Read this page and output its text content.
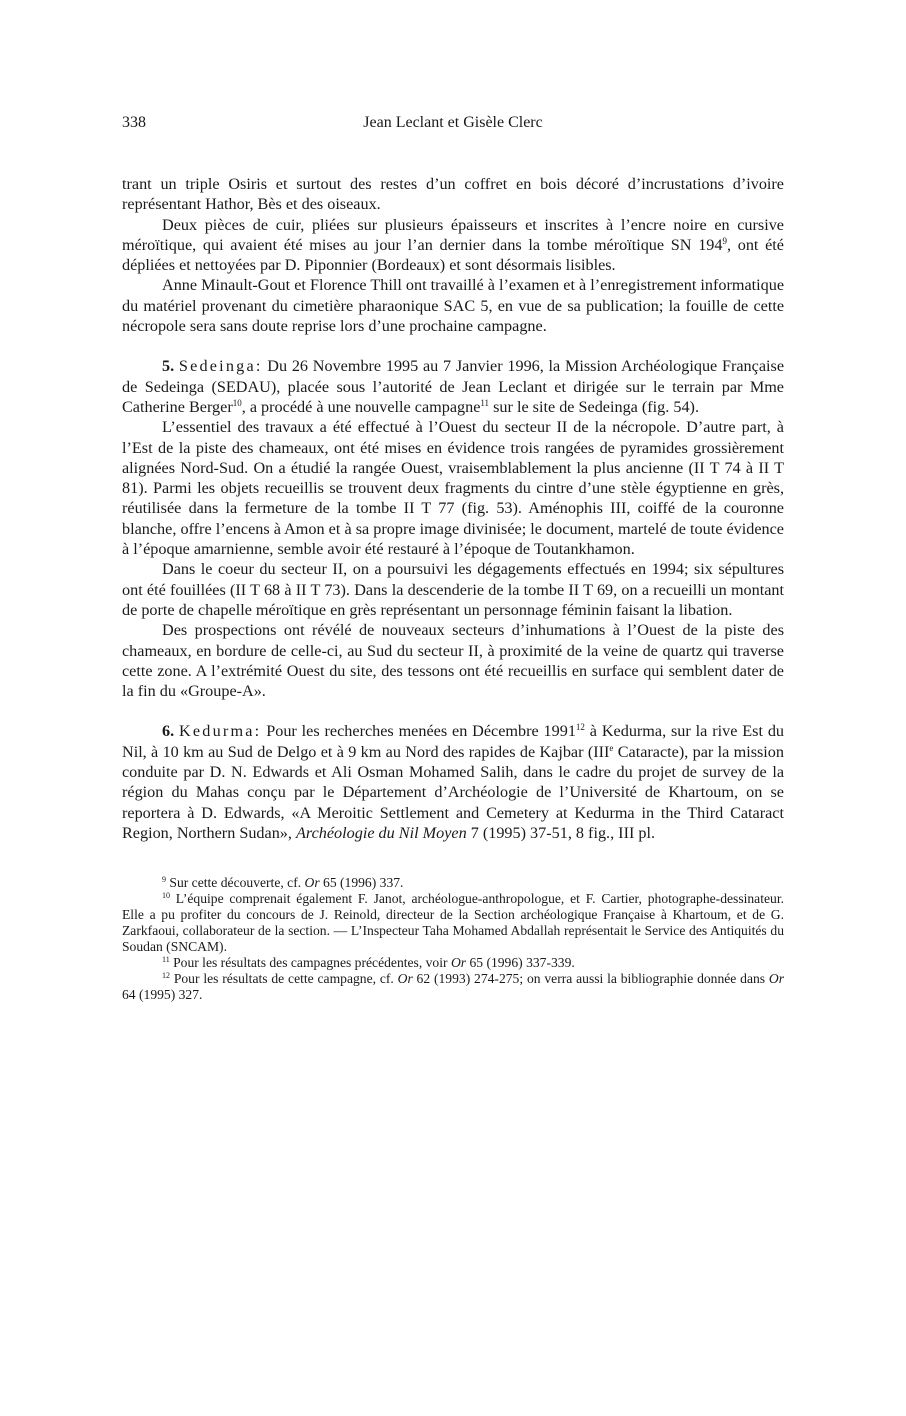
338	Jean Leclant et Gisèle Clerc

trant un triple Osiris et surtout des restes d’un coffret en bois décoré d’incrustations d’ivoire représentant Hathor, Bès et des oiseaux.

Deux pièces de cuir, pliées sur plusieurs épaisseurs et inscrites à l’encre noire en cursive méroïtique, qui avaient été mises au jour l’an dernier dans la tombe méroïtique SN $194^9$, ont été dépliées et nettoyées par D. Piponnier (Bordeaux) et sont désormais lisibles.

Anne Minault-Gout et Florence Thill ont travaillé à l’examen et à l’enregistrement informatique du matériel provenant du cimetière pharaonique SAC 5, en vue de sa publication; la fouille de cette nécropole sera sans doute reprise lors d’une prochaine campagne.

5. Sedeinga: Du 26 Novembre 1995 au 7 Janvier 1996, la Mission Archéologique Française de Sedeinga (SEDAU), placée sous l’autorité de Jean Leclant et dirigée sur le terrain par Mme Catherine Berger$^{10}$, a procédé à une nouvelle campagne$^{11}$ sur le site de Sedeinga (fig. 54).

L’essentiel des travaux a été effectué à l’Ouest du secteur II de la nécropole. D’autre part, à l’Est de la piste des chameaux, ont été mises en évidence trois rangées de pyramides grossièrement alignées Nord-Sud. On a étudié la rangée Ouest, vraisemblablement la plus ancienne (II T 74 à II T 81). Parmi les objets recueillis se trouvent deux fragments du cintre d’une stèle égyptienne en grès, réutilisée dans la fermeture de la tombe II T 77 (fig. 53). Aménophis III, coiffé de la couronne blanche, offre l’encens à Amon et à sa propre image divinisée; le document, martelé de toute évidence à l’époque amarnienne, semble avoir été restauré à l’époque de Toutankhamon.

Dans le coeur du secteur II, on a poursuivi les dégagements effectués en 1994; six sépultures ont été fouillées (II T 68 à II T 73). Dans la descenderie de la tombe II T 69, on a recueilli un montant de porte de chapelle méroïtique en grès représentant un personnage féminin faisant la libation.

Des prospections ont révélé de nouveaux secteurs d’inhumations à l’Ouest de la piste des chameaux, en bordure de celle-ci, au Sud du secteur II, à proximité de la veine de quartz qui traverse cette zone. A l’extrémité Ouest du site, des tessons ont été recueillis en surface qui semblent dater de la fin du «Groupe-A».

6. Kedurma: Pour les recherches menées en Décembre 1991$^{12}$ à Kedurma, sur la rive Est du Nil, à 10 km au Sud de Delgo et à 9 km au Nord des rapides de Kajbar (IIIe Cataracte), par la mission conduite par D. N. Edwards et Ali Osman Mohamed Salih, dans le cadre du projet de survey de la région du Mahas conçu par le Département d’Archéologie de l’Université de Khartoum, on se reportera à D. Edwards, «A Meroitic Settlement and Cemetery at Kedurma in the Third Cataract Region, Northern Sudan», Archéologie du Nil Moyen 7 (1995) 37-51, 8 fig., III pl.

$^9$ Sur cette découverte, cf. Or 65 (1996) 337.

$^{10}$ L’équipe comprenait également F. Janot, archéologue-anthropologue, et F. Cartier, photographe-dessinateur. Elle a pu profiter du concours de J. Reinold, directeur de la Section archéologique Française à Khartoum, et de G. Zarkfaoui, collaborateur de la section. — L’Inspecteur Taha Mohamed Abdallah représentait le Service des Antiquités du Soudan (SNCAM).

$^{11}$ Pour les résultats des campagnes précédentes, voir Or 65 (1996) 337-339.

$^{12}$ Pour les résultats de cette campagne, cf. Or 62 (1993) 274-275; on verra aussi la bibliographie donnée dans Or 64 (1995) 327.
